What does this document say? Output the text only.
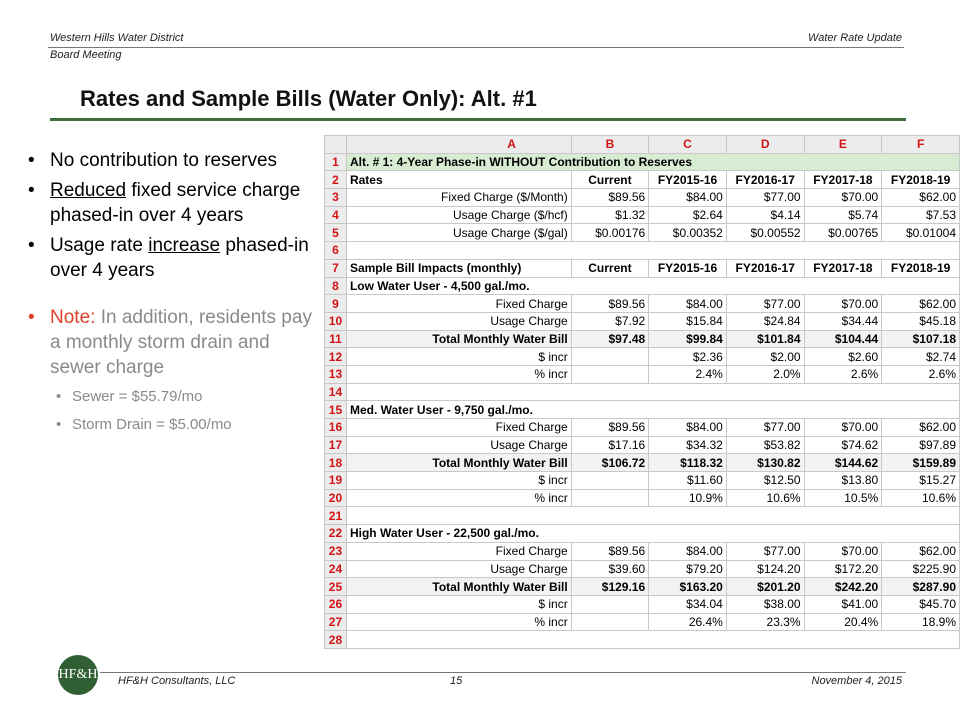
Western Hills Water District
Board Meeting
Water Rate Update
Rates and Sample Bills (Water Only): Alt. #1
• No contribution to reserves
• Reduced fixed service charge phased-in over 4 years
• Usage rate increase phased-in over 4 years
• Note: In addition, residents pay a monthly storm drain and sewer charge
• Sewer = $55.79/mo
• Storm Drain = $5.00/mo
		A	B	C	D	E	F
1	Alt. # 1: 4-Year Phase-in WITHOUT Contribution to Reserves						
2	Rates		Current	FY2015-16	FY2016-17	FY2017-18	FY2018-19
3	Fixed Charge ($/Month)		$89.56	$84.00	$77.00	$70.00	$62.00
4	Usage Charge ($/hcf)		$1.32	$2.64	$4.14	$5.74	$7.53
5	Usage Charge ($/gal)		$0.00176	$0.00352	$0.00552	$0.00765	$0.01004
6							
7	Sample Bill Impacts (monthly)		Current	FY2015-16	FY2016-17	FY2017-18	FY2018-19
8	Low Water User - 4,500 gal./mo.						
9	Fixed Charge		$89.56	$84.00	$77.00	$70.00	$62.00
10	Usage Charge		$7.92	$15.84	$24.84	$34.44	$45.18
11	Total Monthly Water Bill		$97.48	$99.84	$101.84	$104.44	$107.18
12	$ incr			$2.36	$2.00	$2.60	$2.74
13	% incr			2.4%	2.0%	2.6%	2.6%
14							
15	Med. Water User - 9,750 gal./mo.						
16	Fixed Charge		$89.56	$84.00	$77.00	$70.00	$62.00
17	Usage Charge		$17.16	$34.32	$53.82	$74.62	$97.89
18	Total Monthly Water Bill		$106.72	$118.32	$130.82	$144.62	$159.89
19	$ incr			$11.60	$12.50	$13.80	$15.27
20	% incr			10.9%	10.6%	10.5%	10.6%
21							
22	High Water User - 22,500 gal./mo.						
23	Fixed Charge		$89.56	$84.00	$77.00	$70.00	$62.00
24	Usage Charge		$39.60	$79.20	$124.20	$172.20	$225.90
25	Total Monthly Water Bill		$129.16	$163.20	$201.20	$242.20	$287.90
26	$ incr			$34.04	$38.00	$41.00	$45.70
27	% incr			26.4%	23.3%	20.4%	18.9%
28							
HF&H HF&H Consultants, LLC	15	November 4, 2015
